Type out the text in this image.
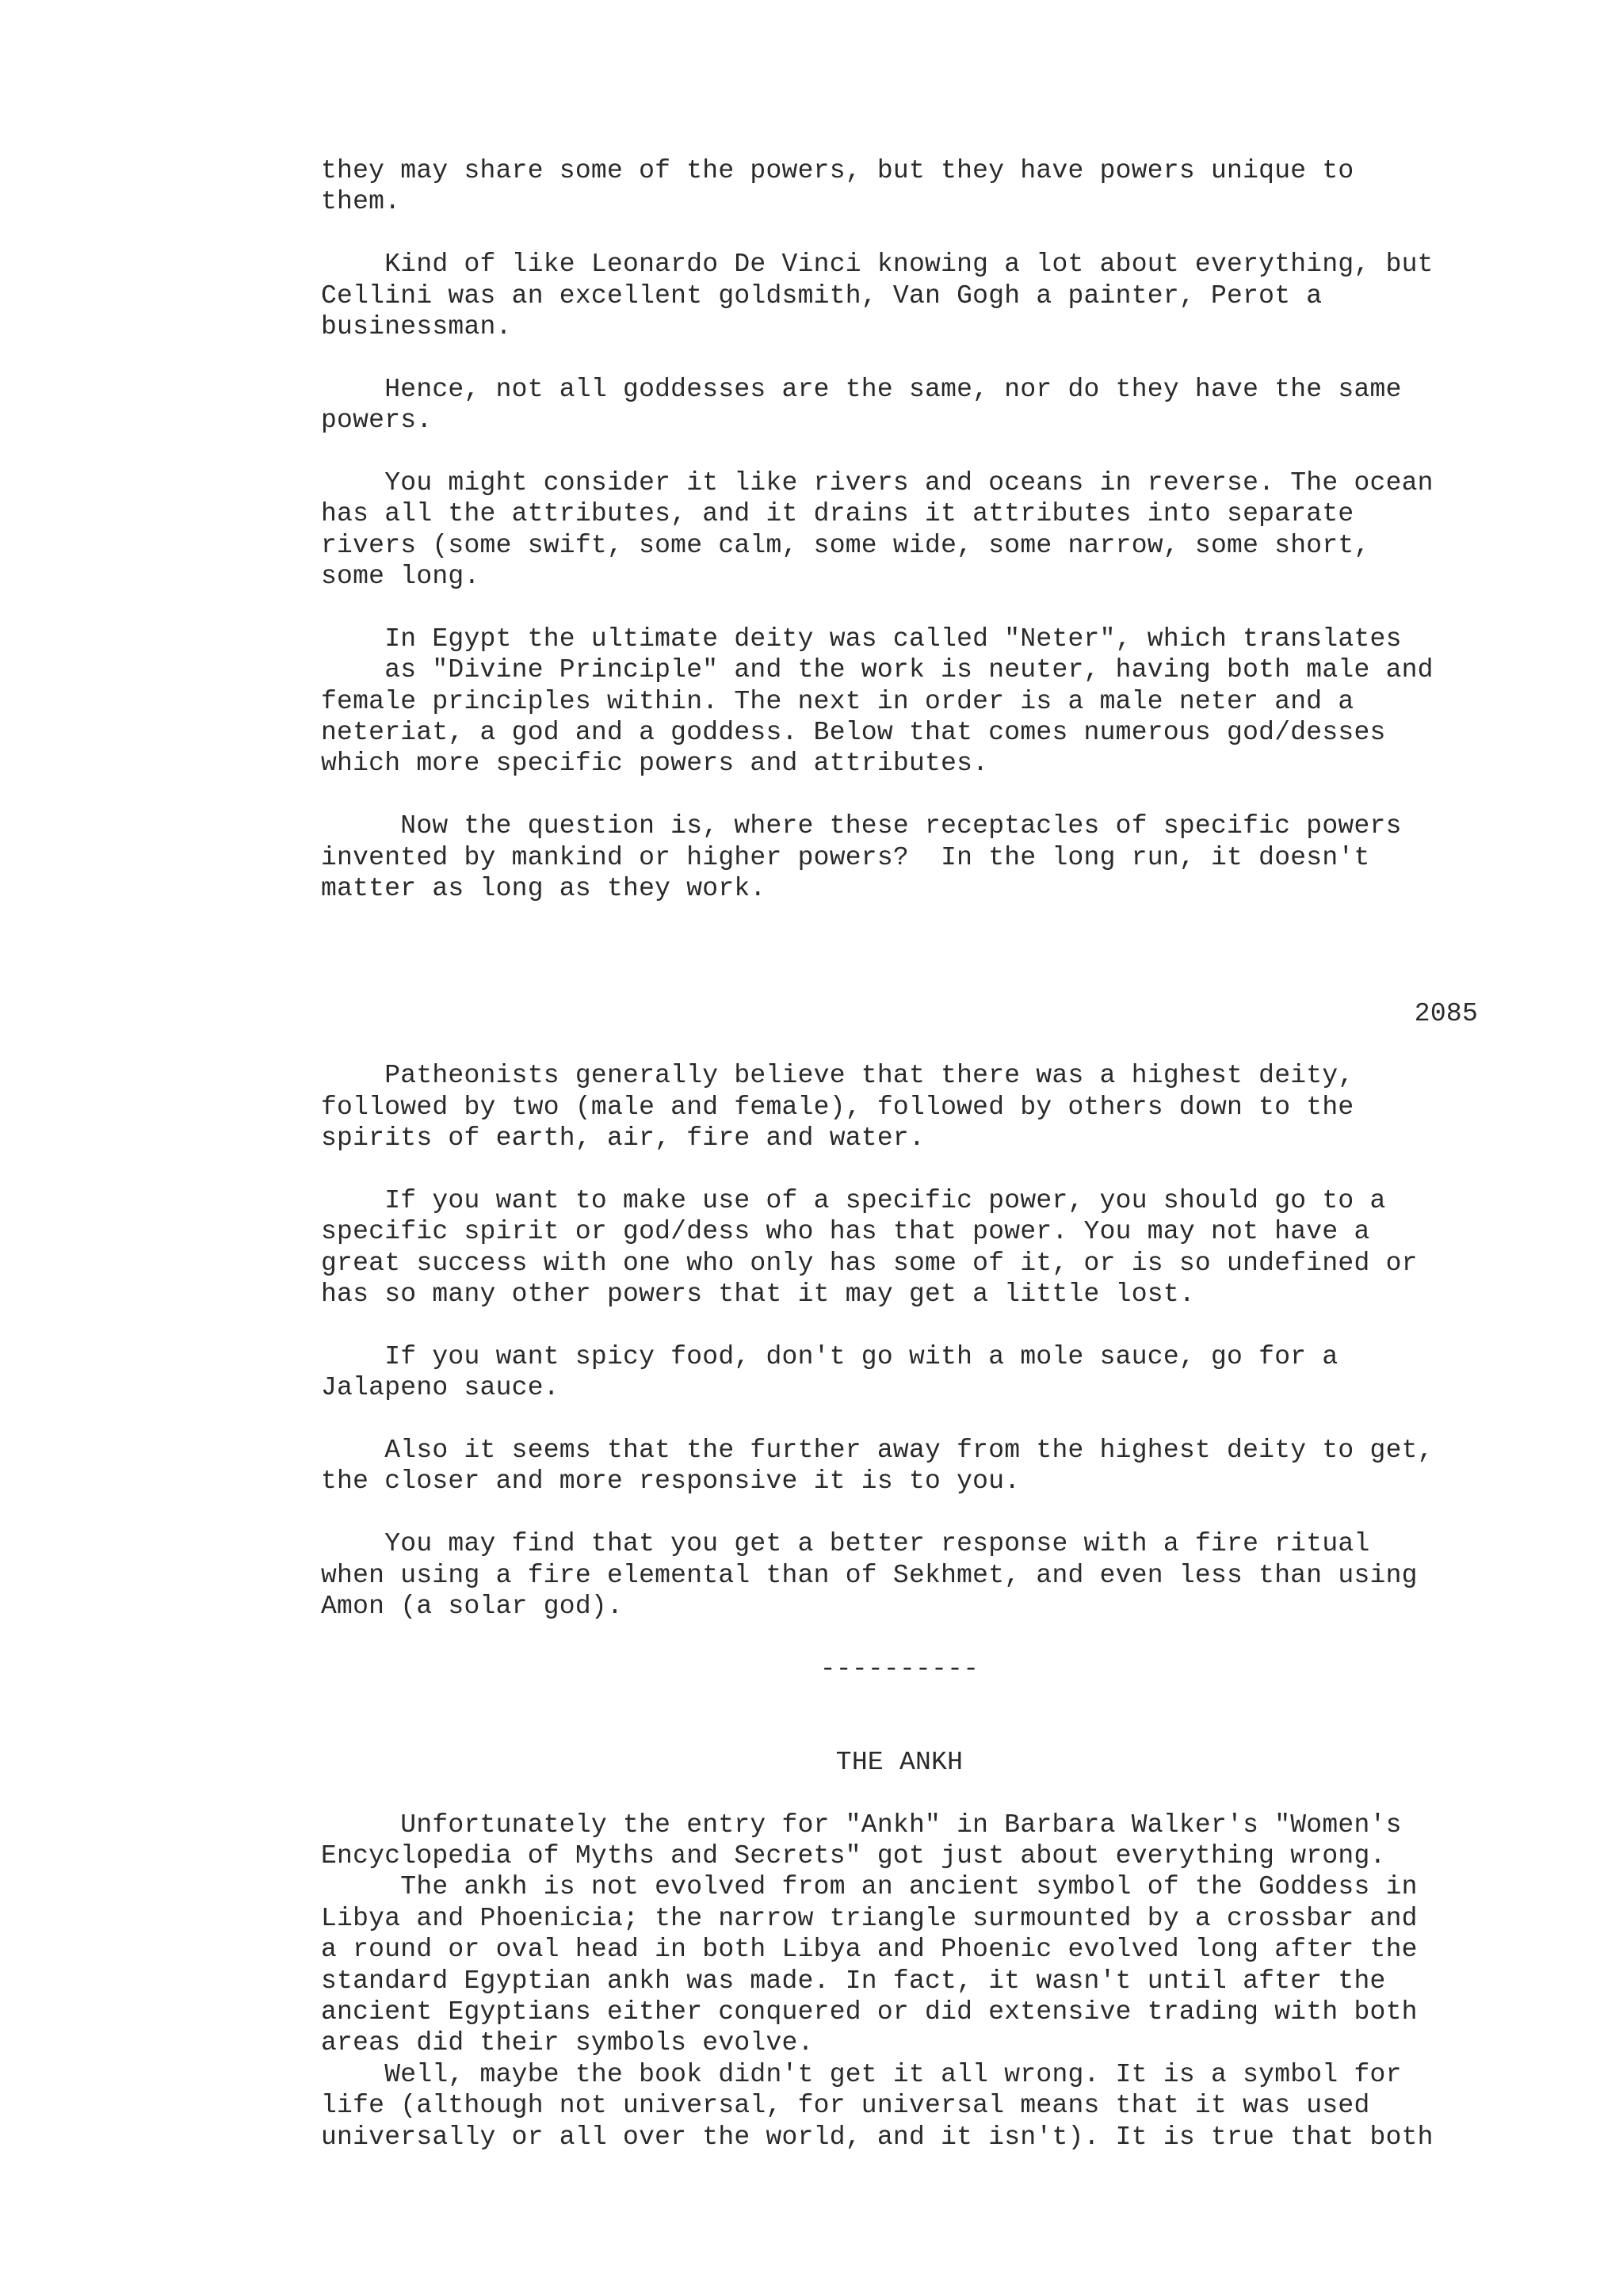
they may share some of the powers, but they have powers unique to
them.
Kind of like Leonardo De Vinci knowing a lot about everything, but
Cellini was an excellent goldsmith, Van Gogh a painter, Perot a
businessman.
Hence, not all goddesses are the same, nor do they have the same
powers.
You might consider it like rivers and oceans in reverse. The ocean
has all the attributes, and it drains it attributes into separate
rivers (some swift, some calm, some wide, some narrow, some short,
some long.
In Egypt the ultimate deity was called "Neter", which translates
as "Divine Principle" and the work is neuter, having both male and
female principles within. The next in order is a male neter and a
neteriat, a god and a goddess. Below that comes numerous god/desses
which more specific powers and attributes.
Now the question is, where these receptacles of specific powers
invented by mankind or higher powers?  In the long run, it doesn't
matter as long as they work.
2085
Patheonists generally believe that there was a highest deity,
followed by two (male and female), followed by others down to the
spirits of earth, air, fire and water.
If you want to make use of a specific power, you should go to a
specific spirit or god/dess who has that power. You may not have a
great success with one who only has some of it, or is so undefined or
has so many other powers that it may get a little lost.
If you want spicy food, don't go with a mole sauce, go for a
Jalapeno sauce.
Also it seems that the further away from the highest deity to get,
the closer and more responsive it is to you.
You may find that you get a better response with a fire ritual
when using a fire elemental than of Sekhmet, and even less than using
Amon (a solar god).
----------
THE ANKH
Unfortunately the entry for "Ankh" in Barbara Walker's "Women's
Encyclopedia of Myths and Secrets" got just about everything wrong.
The ankh is not evolved from an ancient symbol of the Goddess in
Libya and Phoenicia; the narrow triangle surmounted by a crossbar and
a round or oval head in both Libya and Phoenic evolved long after the
standard Egyptian ankh was made. In fact, it wasn't until after the
ancient Egyptians either conquered or did extensive trading with both
areas did their symbols evolve.
Well, maybe the book didn't get it all wrong. It is a symbol for
life (although not universal, for universal means that it was used
universally or all over the world, and it isn't). It is true that both
